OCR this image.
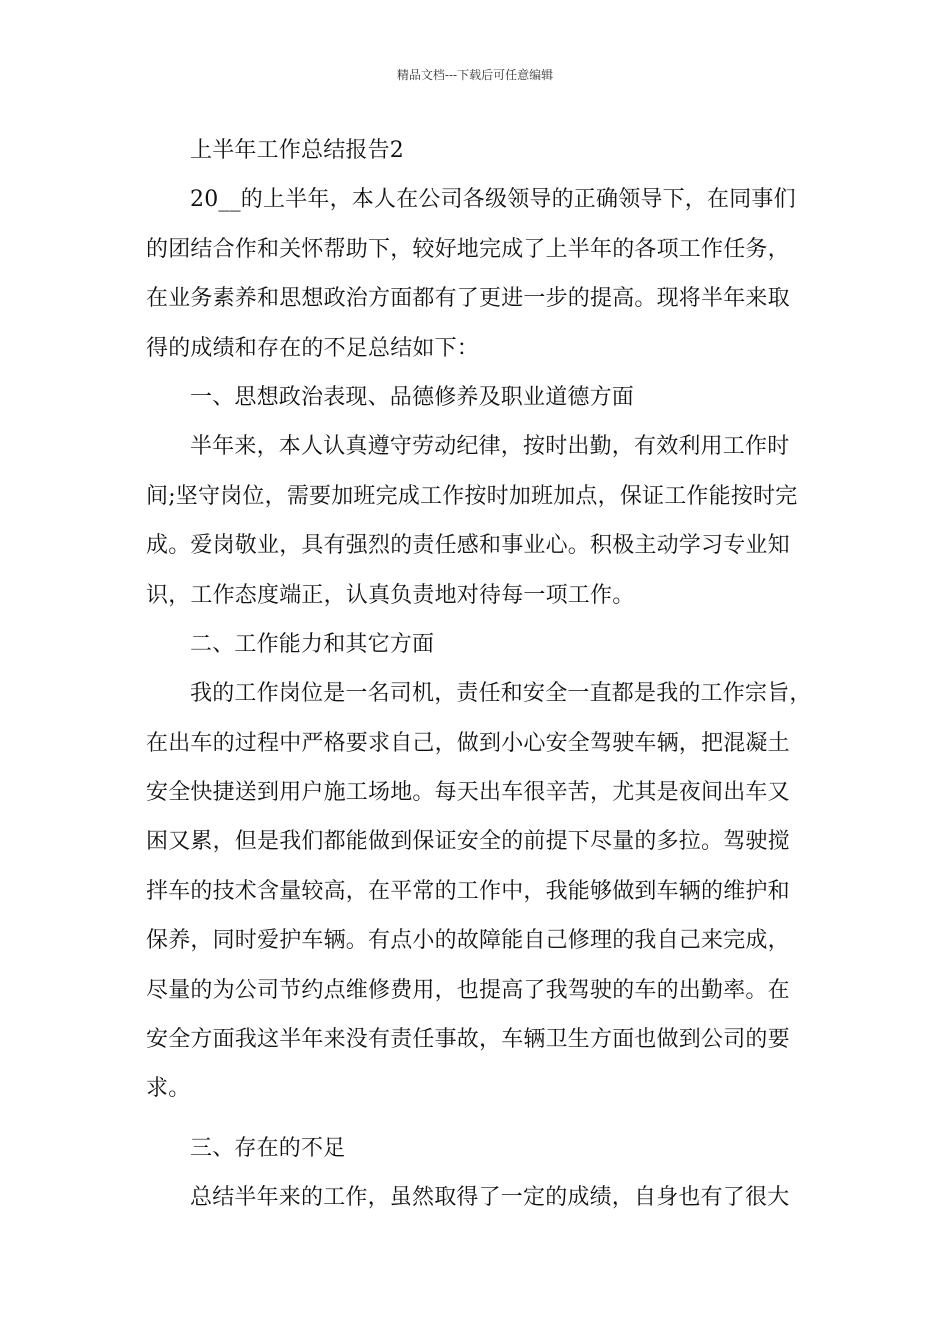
精品文档---下载后可任意编辑
上半年工作总结报告2
20__的上半年，本人在公司各级领导的正确领导下，在同事们
的团结合作和关怀帮助下，较好地完成了上半年的各项工作任务，
在业务素养和思想政治方面都有了更进一步的提高。现将半年来取
得的成绩和存在的不足总结如下：
一、思想政治表现、品德修养及职业道德方面
半年来，本人认真遵守劳动纪律，按时出勤，有效利用工作时
间;坚守岗位，需要加班完成工作按时加班加点，保证工作能按时完
成。爱岗敬业，具有强烈的责任感和事业心。积极主动学习专业知
识，工作态度端正，认真负责地对待每一项工作。
二、工作能力和其它方面
我的工作岗位是一名司机，责任和安全一直都是我的工作宗旨，
在出车的过程中严格要求自己，做到小心安全驾驶车辆，把混凝土
安全快捷送到用户施工场地。每天出车很辛苦，尤其是夜间出车又
困又累，但是我们都能做到保证安全的前提下尽量的多拉。驾驶搅
拌车的技术含量较高，在平常的工作中，我能够做到车辆的维护和
保养，同时爱护车辆。有点小的故障能自己修理的我自己来完成，
尽量的为公司节约点维修费用，也提高了我驾驶的车的出勤率。在
安全方面我这半年来没有责任事故，车辆卫生方面也做到公司的要
求。
三、存在的不足
总结半年来的工作，虽然取得了一定的成绩，自身也有了很大
